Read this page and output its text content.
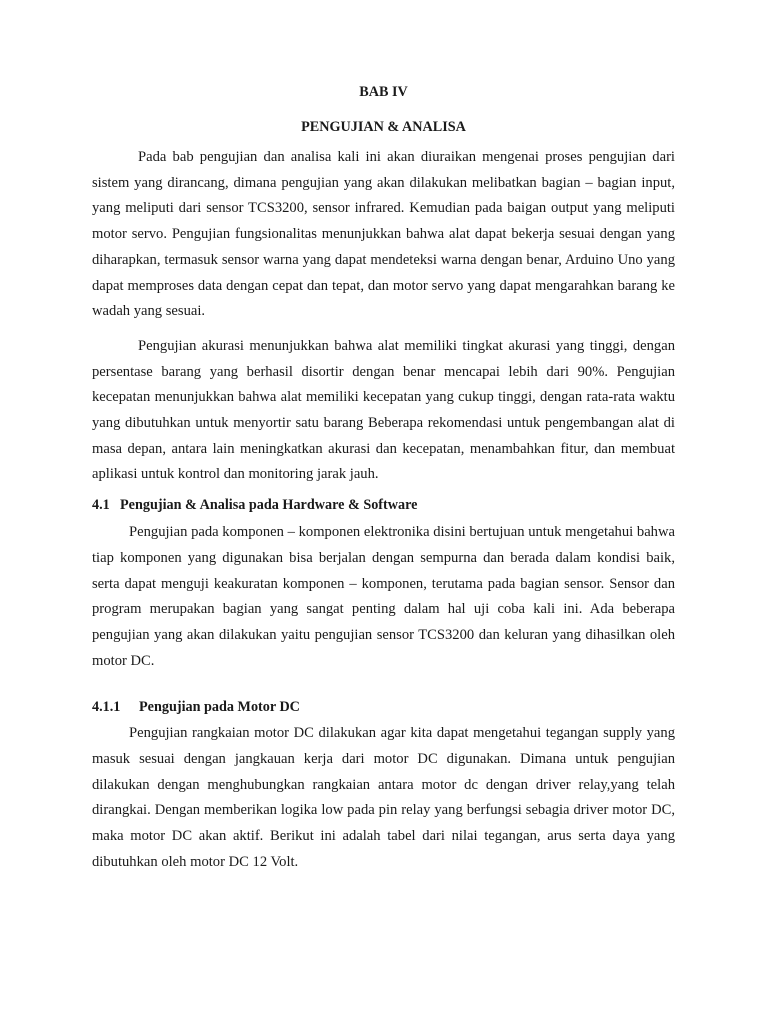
BAB IV
PENGUJIAN & ANALISA

Pada bab pengujian dan analisa kali ini akan diuraikan mengenai proses pengujian dari sistem yang dirancang, dimana pengujian yang akan dilakukan melibatkan bagian – bagian input, yang meliputi dari sensor TCS3200, sensor infrared. Kemudian pada baigan output yang meliputi motor servo. Pengujian fungsionalitas menunjukkan bahwa alat dapat bekerja sesuai dengan yang diharapkan, termasuk sensor warna yang dapat mendeteksi warna dengan benar, Arduino Uno yang dapat memproses data dengan cepat dan tepat, dan motor servo yang dapat mengarahkan barang ke wadah yang sesuai.

Pengujian akurasi menunjukkan bahwa alat memiliki tingkat akurasi yang tinggi, dengan persentase barang yang berhasil disortir dengan benar mencapai lebih dari 90%. Pengujian kecepatan menunjukkan bahwa alat memiliki kecepatan yang cukup tinggi, dengan rata-rata waktu yang dibutuhkan untuk menyortir satu barang Beberapa rekomendasi untuk pengembangan alat di masa depan, antara lain meningkatkan akurasi dan kecepatan, menambahkan fitur, dan membuat aplikasi untuk kontrol dan monitoring jarak jauh.

4.1 Pengujian & Analisa pada Hardware & Software

Pengujian pada komponen – komponen elektronika disini bertujuan untuk mengetahui bahwa tiap komponen yang digunakan bisa berjalan dengan sempurna dan berada dalam kondisi baik, serta dapat menguji keakuratan komponen – komponen, terutama pada bagian sensor. Sensor dan program merupakan bagian yang sangat penting dalam hal uji coba kali ini. Ada beberapa pengujian yang akan dilakukan yaitu pengujian sensor TCS3200 dan keluran yang dihasilkan oleh motor DC.

4.1.1 Pengujian pada Motor DC

Pengujian rangkaian motor DC dilakukan agar kita dapat mengetahui tegangan supply yang masuk sesuai dengan jangkauan kerja dari motor DC digunakan. Dimana untuk pengujian dilakukan dengan menghubungkan rangkaian antara motor dc dengan driver relay,yang telah dirangkai. Dengan memberikan logika low pada pin relay yang berfungsi sebagia driver motor DC, maka motor DC akan aktif. Berikut ini adalah tabel dari nilai tegangan, arus serta daya yang dibutuhkan oleh motor DC 12 Volt.
